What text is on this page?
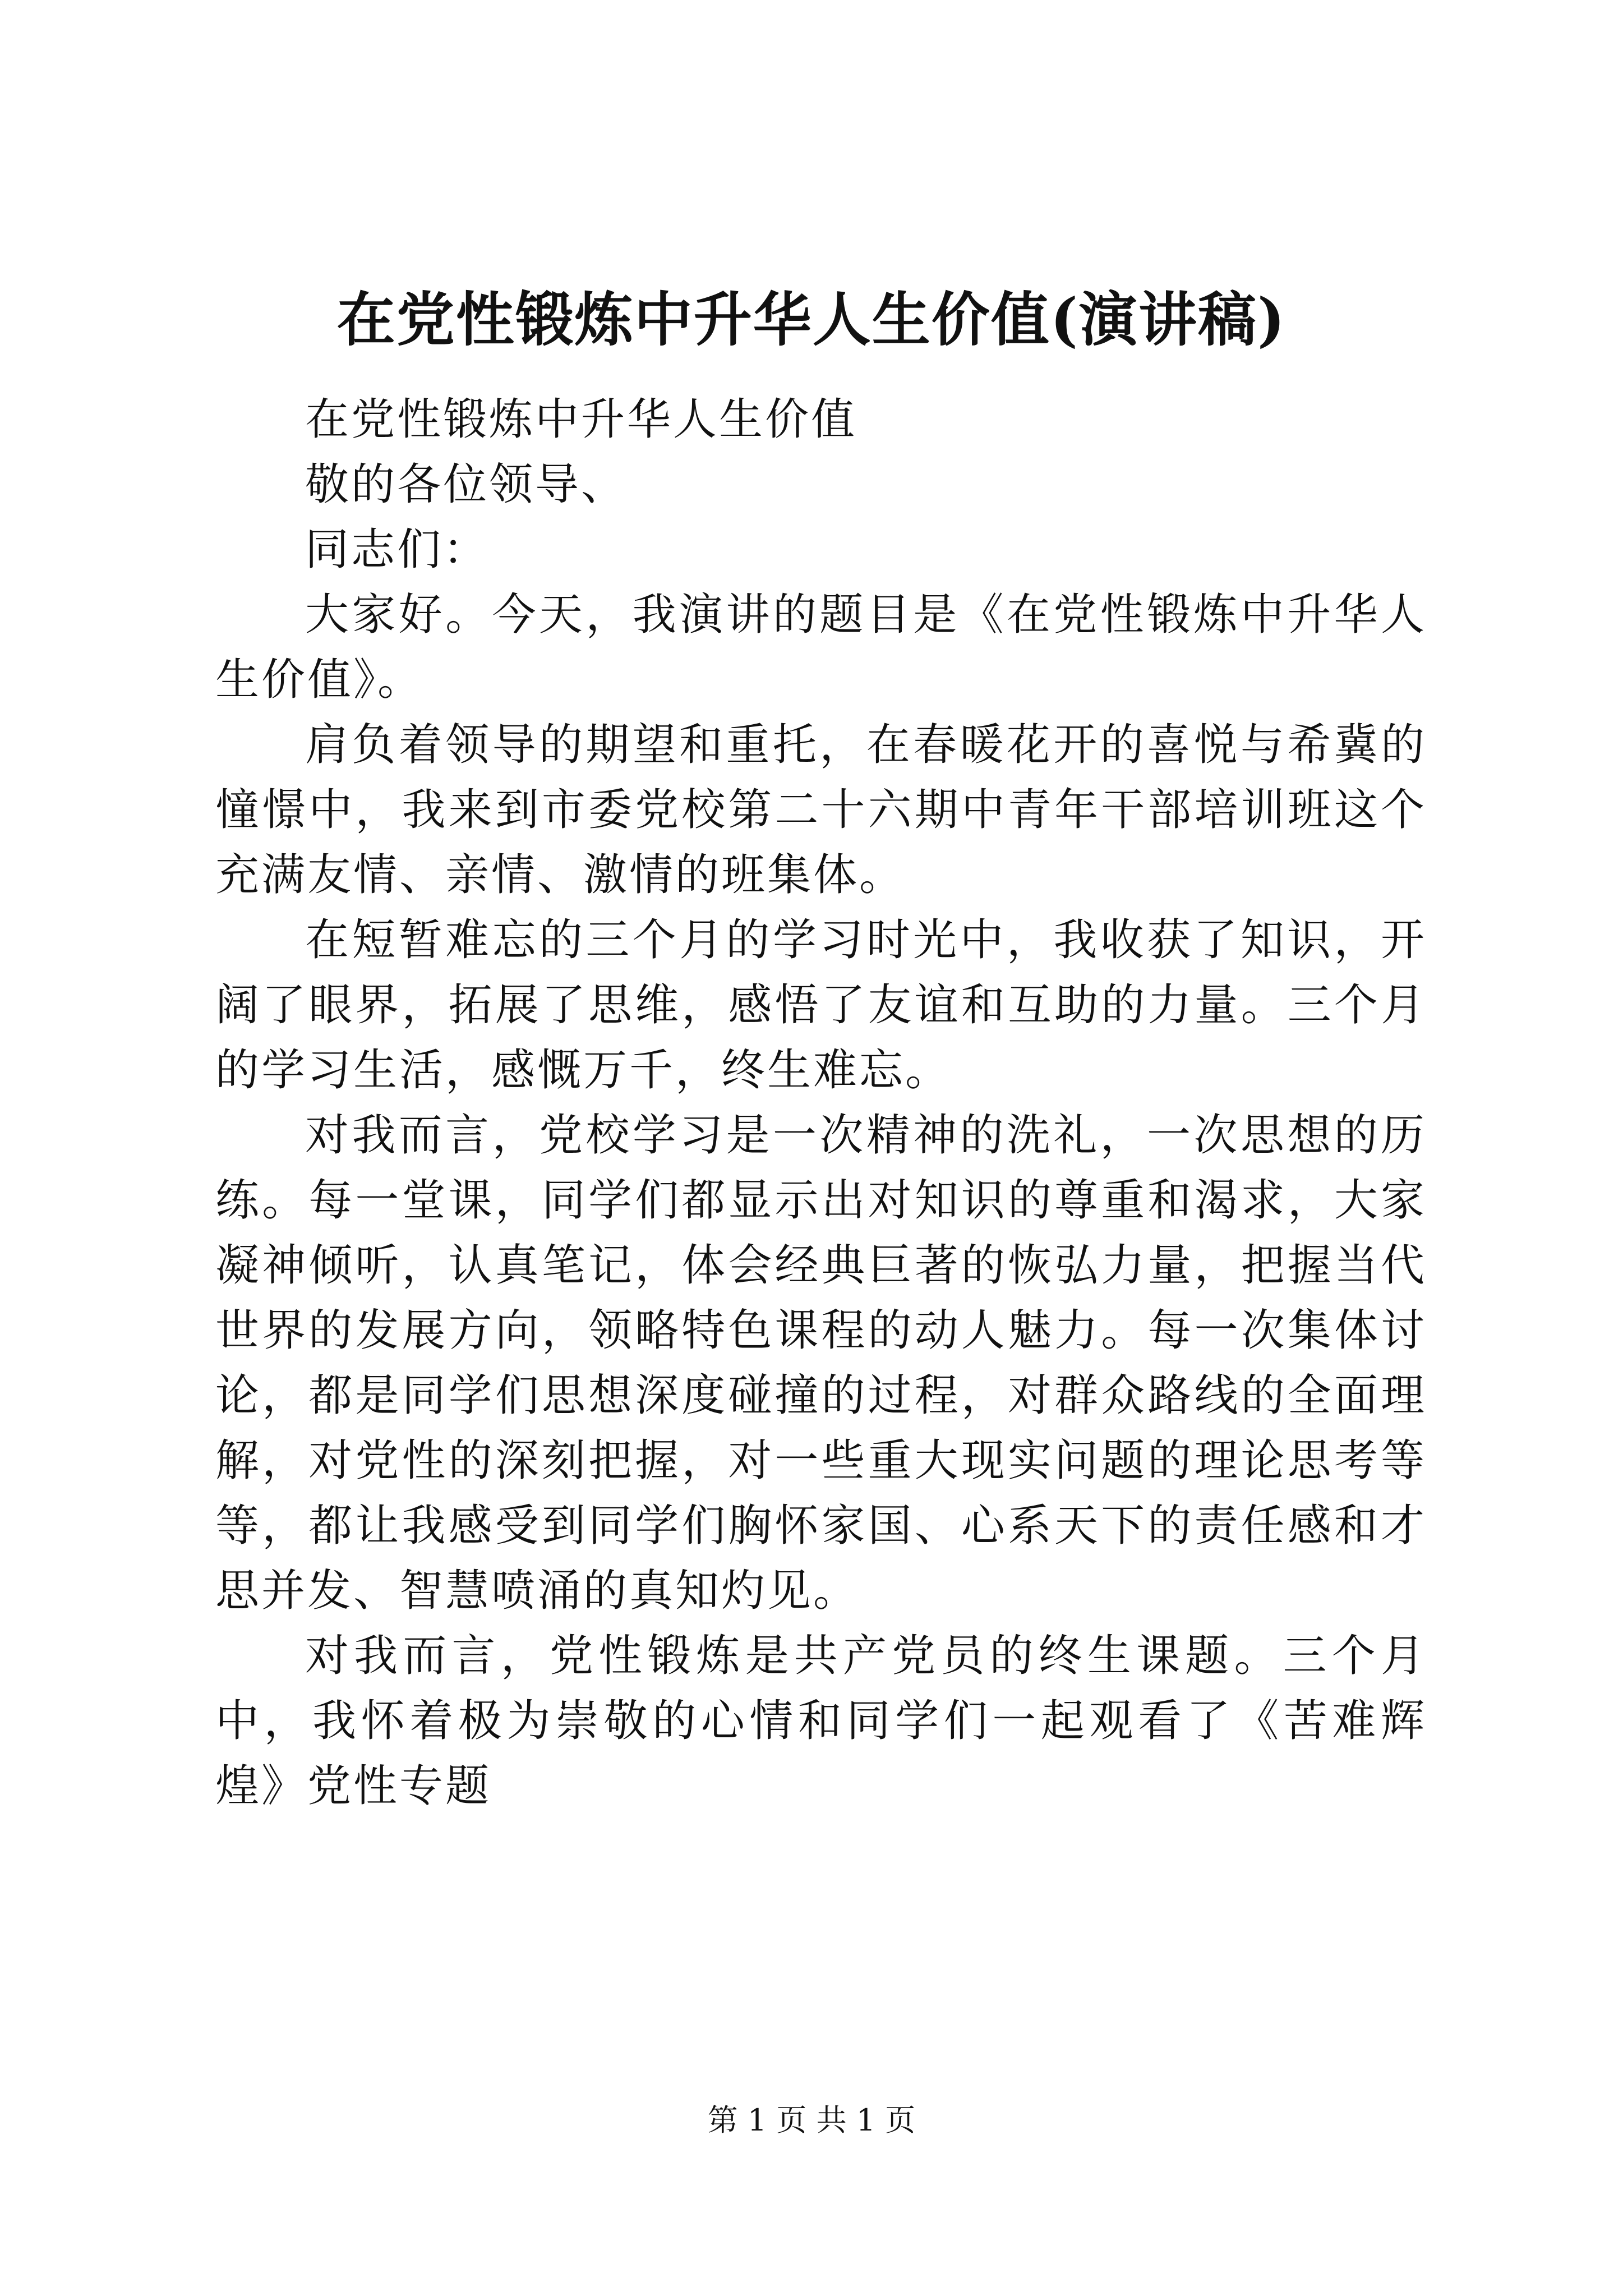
在党性锻炼中升华人生价值(演讲稿)

在党性锻炼中升华人生价值

敬的各位领导、

同志们：

大家好。今天，我演讲的题目是《在党性锻炼中升华人生价值》。

肩负着领导的期望和重托，在春暖花开的喜悦与希冀的憧憬中，我来到市委党校第二十六期中青年干部培训班这个充满友情、亲情、激情的班集体。

在短暂难忘的三个月的学习时光中，我收获了知识，开阔了眼界，拓展了思维，感悟了友谊和互助的力量。三个月的学习生活，感慨万千，终生难忘。

对我而言，党校学习是一次精神的洗礼，一次思想的历练。每一堂课，同学们都显示出对知识的尊重和渴求，大家凝神倾听，认真笔记，体会经典巨著的恢弘力量，把握当代世界的发展方向，领略特色课程的动人魅力。每一次集体讨论，都是同学们思想深度碰撞的过程，对群众路线的全面理解，对党性的深刻把握，对一些重大现实问题的理论思考等等，都让我感受到同学们胸怀家国、心系天下的责任感和才思并发、智慧喷涌的真知灼见。

对我而言，党性锻炼是共产党员的终生课题。三个月中，我怀着极为崇敬的心情和同学们一起观看了《苦难辉煌》党性专题

第 1 页 共 1 页
